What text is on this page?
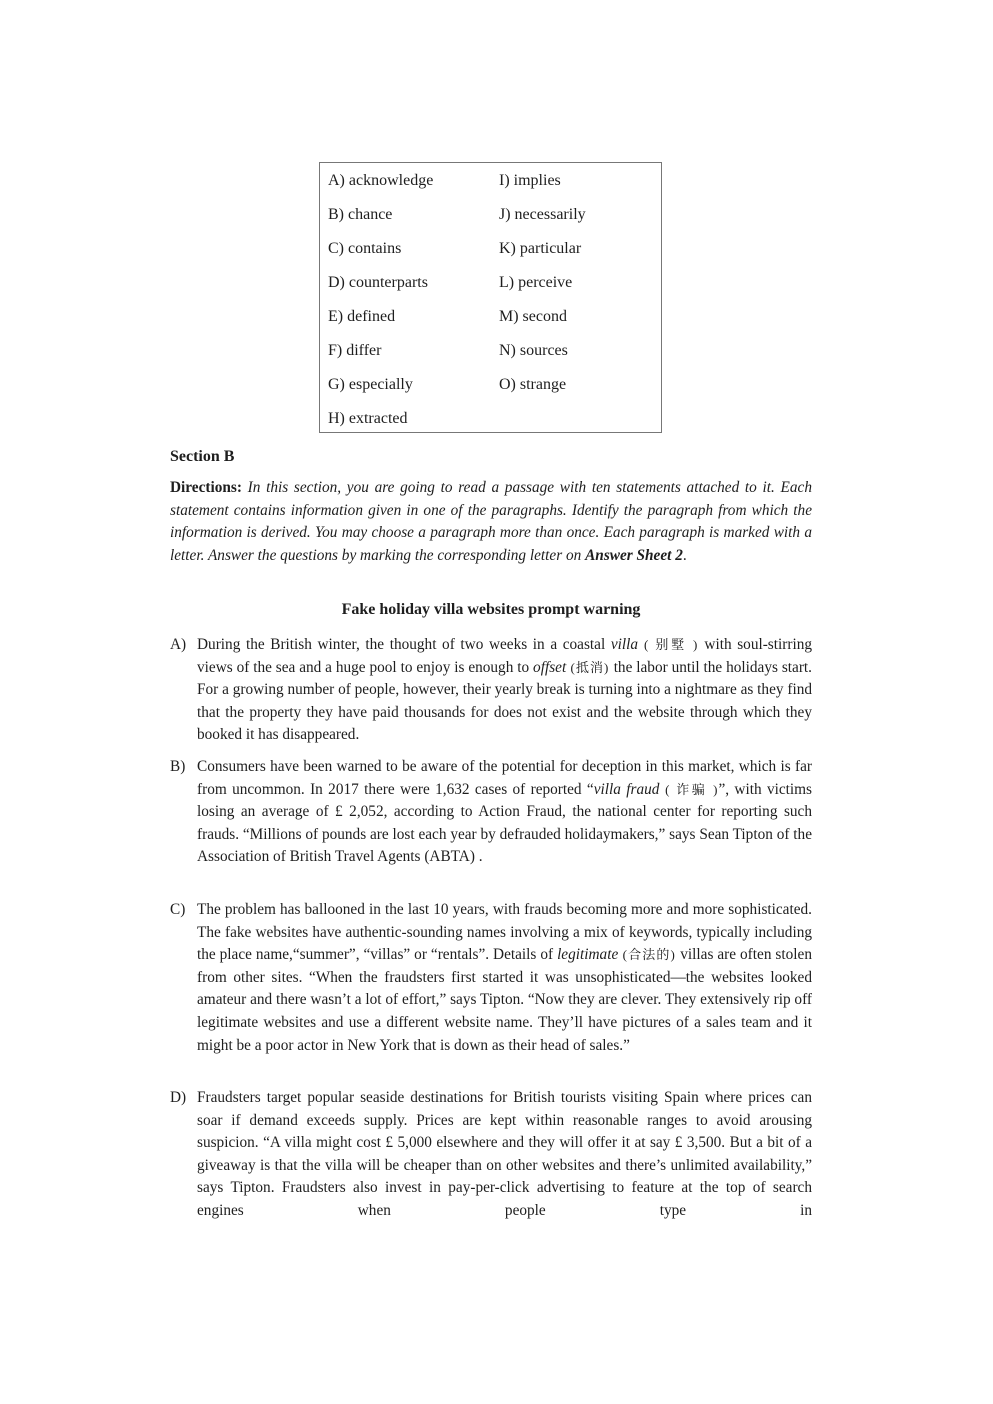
A) acknowledge
B) chance
C) contains
D) counterparts
E) defined
F) differ
G) especially
H) extracted
I) implies
J) necessarily
K) particular
L) perceive
M) second
N) sources
O) strange
Section B
Directions: In this section, you are going to read a passage with ten statements attached to it. Each statement contains information given in one of the paragraphs. Identify the paragraph from which the information is derived. You may choose a paragraph more than once. Each paragraph is marked with a letter. Answer the questions by marking the corresponding letter on Answer Sheet 2.
Fake holiday villa websites prompt warning
A) During the British winter, the thought of two weeks in a coastal villa ( 别墅 ) with soul-stirring views of the sea and a huge pool to enjoy is enough to offset (抵消) the labor until the holidays start. For a growing number of people, however, their yearly break is turning into a nightmare as they find that the property they have paid thousands for does not exist and the website through which they booked it has disappeared.
B) Consumers have been warned to be aware of the potential for deception in this market, which is far from uncommon. In 2017 there were 1,632 cases of reported “villa fraud ( 诈骗 )”, with victims losing an average of £ 2,052, according to Action Fraud, the national center for reporting such frauds. “Millions of pounds are lost each year by defrauded holidaymakers,” says Sean Tipton of the Association of British Travel Agents (ABTA) .
C) The problem has ballooned in the last 10 years, with frauds becoming more and more sophisticated. The fake websites have authentic-sounding names involving a mix of keywords, typically including the place name,“summer”, “villas” or “rentals”. Details of legitimate (合法的) villas are often stolen from other sites. “When the fraudsters first started it was unsophisticated—the websites looked amateur and there wasn’t a lot of effort,” says Tipton. “Now they are clever. They extensively rip off legitimate websites and use a different website name. They’ll have pictures of a sales team and it might be a poor actor in New York that is down as their head of sales.”
D) Fraudsters target popular seaside destinations for British tourists visiting Spain where prices can soar if demand exceeds supply. Prices are kept within reasonable ranges to avoid arousing suspicion. “A villa might cost £ 5,000 elsewhere and they will offer it at say £ 3,500. But a bit of a giveaway is that the villa will be cheaper than on other websites and there’s unlimited availability,” says Tipton. Fraudsters also invest in pay-per-click advertising to feature at the top of search engines when people type in
